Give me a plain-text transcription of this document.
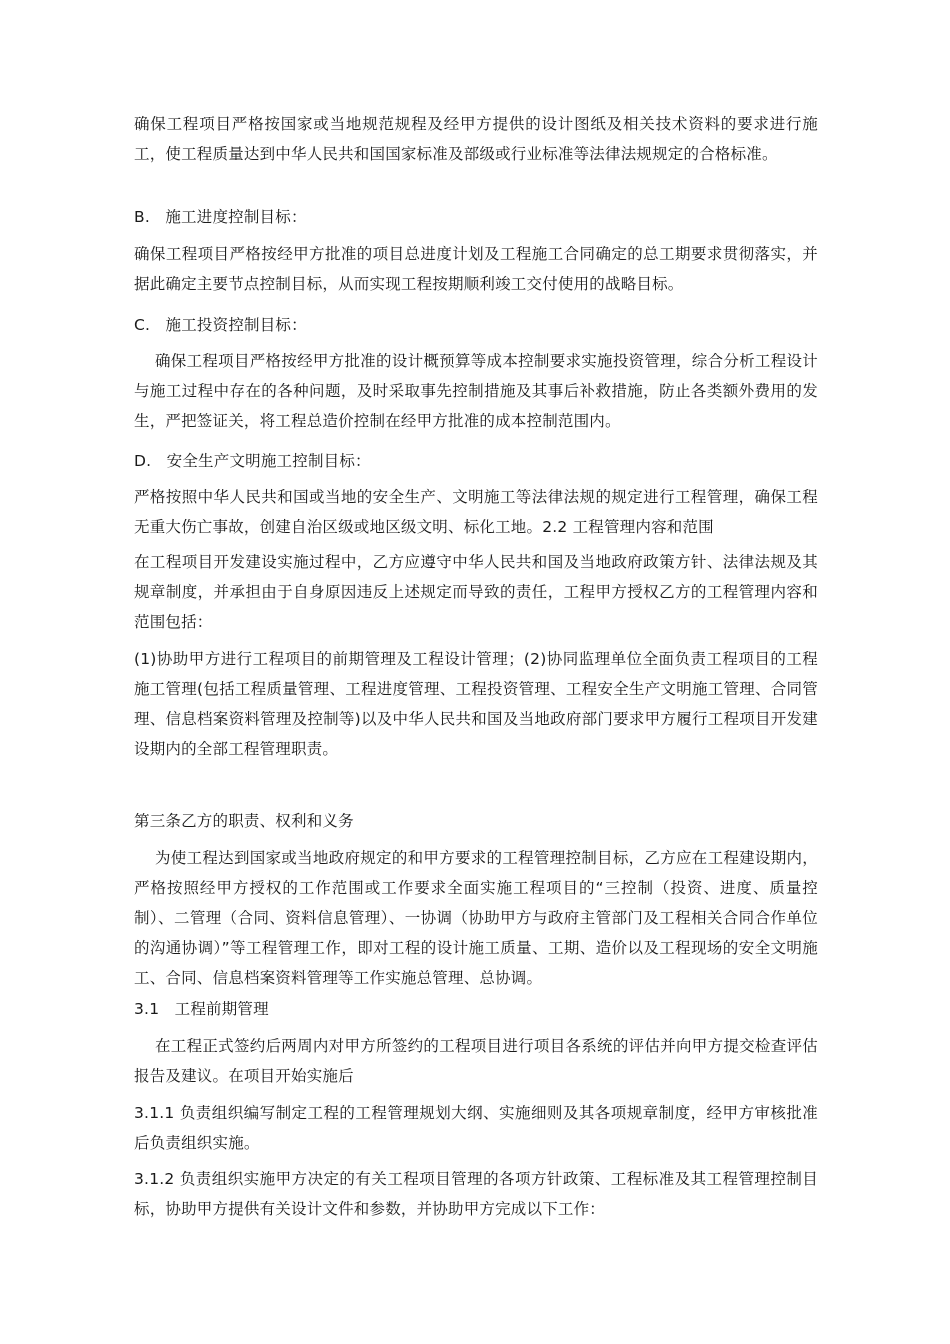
确保工程项目严格按国家或当地规范规程及经甲方提供的设计图纸及相关技术资料的要求进行施工，使工程质量达到中华人民共和国国家标准及部级或行业标准等法律法规规定的合格标准。

B.   施工进度控制目标：

确保工程项目严格按经甲方批准的项目总进度计划及工程施工合同确定的总工期要求贯彻落实，并据此确定主要节点控制目标，从而实现工程按期顺利竣工交付使用的战略目标。

C.   施工投资控制目标：

确保工程项目严格按经甲方批准的设计概预算等成本控制要求实施投资管理，综合分析工程设计与施工过程中存在的各种问题，及时采取事先控制措施及其事后补救措施，防止各类额外费用的发生，严把签证关，将工程总造价控制在经甲方批准的成本控制范围内。

D.   安全生产文明施工控制目标：

严格按照中华人民共和国或当地的安全生产、文明施工等法律法规的规定进行工程管理，确保工程无重大伤亡事故，创建自治区级或地区级文明、标化工地。2.2 工程管理内容和范围

在工程项目开发建设实施过程中，乙方应遵守中华人民共和国及当地政府政策方针、法律法规及其规章制度，并承担由于自身原因违反上述规定而导致的责任，工程甲方授权乙方的工程管理内容和范围包括：

(1)协助甲方进行工程项目的前期管理及工程设计管理；(2)协同监理单位全面负责工程项目的工程施工管理(包括工程质量管理、工程进度管理、工程投资管理、工程安全生产文明施工管理、合同管理、信息档案资料管理及控制等)以及中华人民共和国及当地政府部门要求甲方履行工程项目开发建设期内的全部工程管理职责。

第三条乙方的职责、权利和义务

为使工程达到国家或当地政府规定的和甲方要求的工程管理控制目标，乙方应在工程建设期内，严格按照经甲方授权的工作范围或工作要求全面实施工程项目的“三控制（投资、进度、质量控制）、二管理（合同、资料信息管理）、一协调（协助甲方与政府主管部门及工程相关合同合作单位的沟通协调）”等工程管理工作，即对工程的设计施工质量、工期、造价以及工程现场的安全文明施工、合同、信息档案资料管理等工作实施总管理、总协调。

3.1   工程前期管理

在工程正式签约后两周内对甲方所签约的工程项目进行项目各系统的评估并向甲方提交检查评估报告及建议。在项目开始实施后

3.1.1 负责组织编写制定工程的工程管理规划大纲、实施细则及其各项规章制度，经甲方审核批准后负责组织实施。

3.1.2 负责组织实施甲方决定的有关工程项目管理的各项方针政策、工程标准及其工程管理控制目标，协助甲方提供有关设计文件和参数，并协助甲方完成以下工作：
